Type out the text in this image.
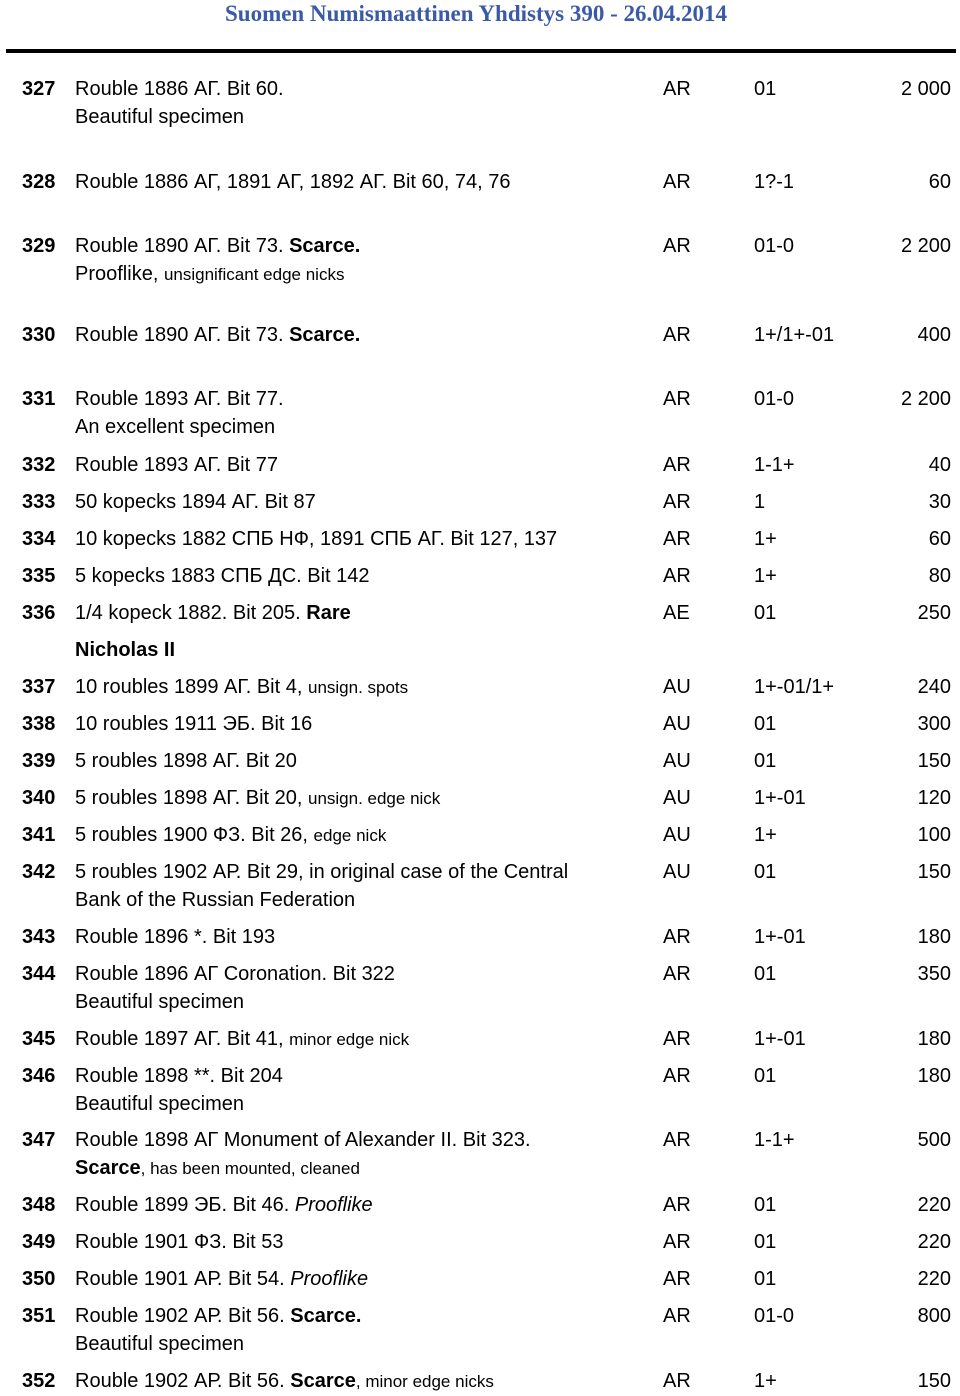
Suomen Numismaattinen Yhdistys 390 - 26.04.2014
327 Rouble 1886 АГ. Bit 60.
Beautiful specimen
AR	01	2 000
328 Rouble 1886 АГ, 1891 АГ, 1892 АГ. Bit 60, 74, 76	AR	1?-1	60
329 Rouble 1890 АГ. Bit 73. Scarce.
Prooflike, unsignificant edge nicks
AR	01-0	2 200
330 Rouble 1890 АГ. Bit 73. Scarce.	AR	1+/1+-01	400
331 Rouble 1893 АГ. Bit 77.
An excellent specimen
AR	01-0	2 200
332 Rouble 1893 АГ. Bit 77	AR	1-1+	40
333 50 kopecks 1894 АГ. Bit 87	AR	1	30
334 10 kopecks 1882 СПБ НФ, 1891 СПБ АГ. Bit 127, 137	AR	1+	60
335 5 kopecks 1883 СПБ ДС. Bit 142	AR	1+	80
336 1/4 kopeck 1882. Bit 205. Rare	AE	01	250
337 10 roubles 1899 АГ. Bit 4, unsign. spots	AU	1+-01/1+	240
338 10 roubles 1911 ЭБ. Bit 16	AU	01	300
339 5 roubles 1898 АГ. Bit 20	AU	01	150
340 5 roubles 1898 АГ. Bit 20, unsign. edge nick	AU	1+-01	120
341 5 roubles 1900 ФЗ. Bit 26, edge nick	AU	1+	100
342 5 roubles 1902 АР. Bit 29, in original case of the Central
Bank of the Russian Federation
AU	01	150
343 Rouble 1896 *. Bit 193	AR	1+-01	180
344 Rouble 1896 АГ Coronation. Bit 322
Beautiful specimen
AR	01	350
345 Rouble 1897 АГ. Bit 41, minor edge nick	AR	1+-01	180
346 Rouble 1898 **. Bit 204
Beautiful specimen
AR	01	180
347 Rouble 1898 АГ Monument of Alexander II. Bit 323.
Scarce, has been mounted, cleaned
AR	1-1+	500
348 Rouble 1899 ЭБ. Bit 46. Prooflike	AR	01	220
349 Rouble 1901 ФЗ. Bit 53	AR	01	220
350 Rouble 1901 АР. Bit 54. Prooflike	AR	01	220
351 Rouble 1902 АР. Bit 56. Scarce.
Beautiful specimen
AR	01-0	800
352 Rouble 1902 АР. Bit 56. Scarce, minor edge nicks	AR	1+	150
Nicholas II
